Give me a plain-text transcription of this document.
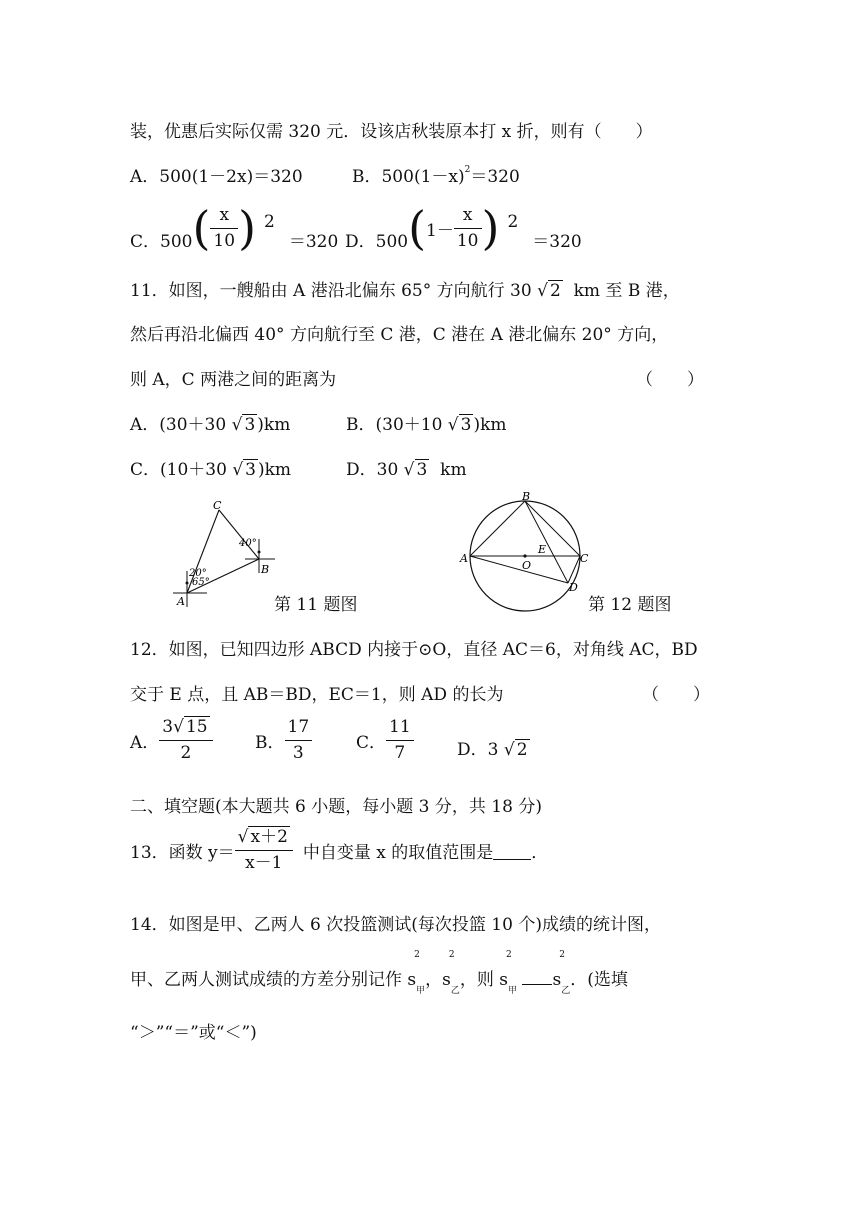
装，优惠后实际仅需 320 元．设该店秋装原本打 x 折，则有（　　）
A．500(1－2x)＝320	B．$500(1-x)^2=320$
C．500 ( $\frac{x}{10}$ ) 2
＝320 D．500 ( $1- \frac{x}{10}$ ) 2
＝320
11．如图，一艘船由 A 港沿北偏东 65° 方向航行 30 √ 2 km 至 B 港，
然后再沿北偏西 40° 方向航行至 C 港，C 港在 A 港北偏东 20° 方向，
则 A，C 两港之间的距离为	（　　）
A．(30＋30 √ 3 )km	B．(30＋10 √ 3 )km
C．(10＋30 √ 3 )km	D．30 √ 3 km
C
B
A
40°
20°
65°
第 11 题图
B
A
E
O
C
D
第 12 题图
12．如图，已知四边形 ABCD 内接于⊙O，直径 AC＝6，对角线 AC，BD
交于 E 点，且 AB＝BD，EC＝1，则 AD 的长为	（　　）
A． $\frac{3√ 15}{2}$ B． $\frac{17}{3}$	C． $\frac{11}{7}$	D．3 √ 2
二、填空题(本大题共 6 小题，每小题 3 分，共 18 分)
13．函数 $y= \frac{√ x+2}{x-1}$ 中自变量 x 的取值范围是 ．
14．如图是甲、乙两人 6 次投篮测试(每次投篮 10 个)成绩的统计图，
甲、乙两人测试成绩的方差分别记作 s
2
甲，s
2
乙，则 s
2
甲 s
2
乙．(选填
“＞”“＝”或“＜”)
